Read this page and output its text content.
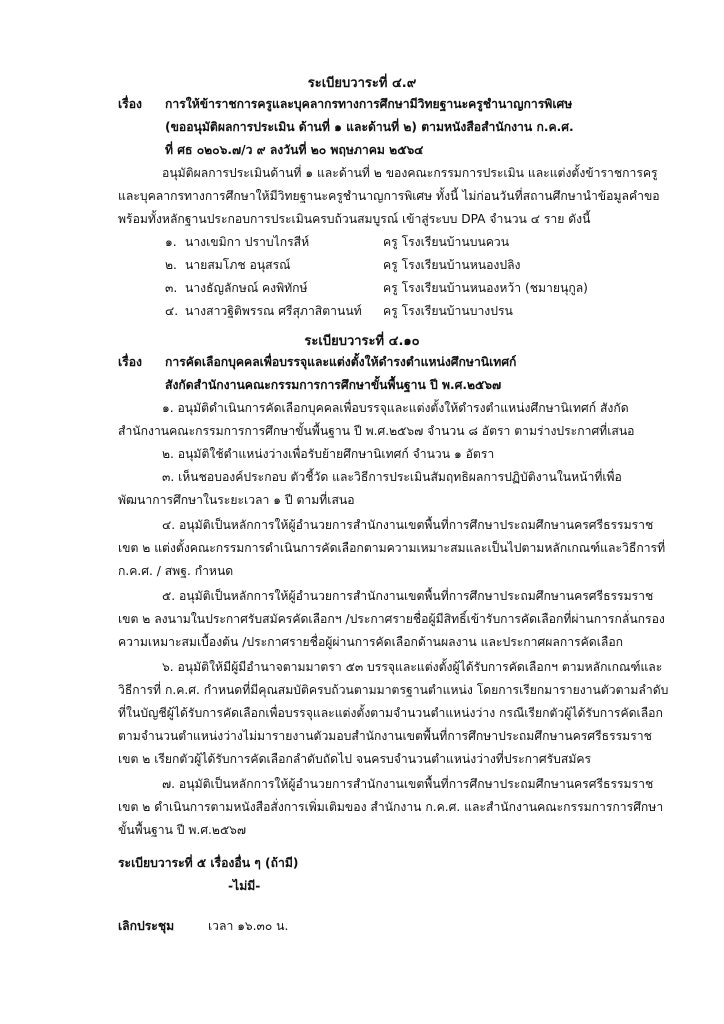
ระเบียบวาระที่ ๔.๙
เรื่อง การให้ข้าราชการครูและบุคลากรทางการศึกษามีวิทยฐานะครูชำนาญการพิเศษ
(ขออนุมัติผลการประเมิน ด้านที่ ๑ และด้านที่ ๒) ตามหนังสือสำนักงาน ก.ค.ศ.
ที่ ศธ ๐๒๐๖.๗/ว ๙ ลงวันที่ ๒๐ พฤษภาคม ๒๕๖๔
อนุมัติผลการประเมินด้านที่ ๑ และด้านที่ ๒ ของคณะกรรมการประเมิน และแต่งตั้งข้าราชการครู
และบุคลากรทางการศึกษาให้มีวิทยฐานะครูชำนาญการพิเศษ ทั้งนี้ ไม่ก่อนวันที่สถานศึกษานำข้อมูลคำขอ
พร้อมทั้งหลักฐานประกอบการประเมินครบถ้วนสมบูรณ์ เข้าสู่ระบบ DPA จำนวน ๔ ราย ดังนี้
๑. นางเขมิกา ปราบไกรสีห์	ครู โรงเรียนบ้านบนควน
๒. นายสมโภช อนุสรณ์	ครู โรงเรียนบ้านหนองปลิง
๓. นางธัญลักษณ์ คงพิทักษ์	ครู โรงเรียนบ้านหนองหว้า (ชมายนุกูล)
๔. นางสาวฐิติพรรณ ศรีสุภาสิตานนท์ ครู โรงเรียนบ้านบางปรน
ระเบียบวาระที่ ๔.๑๐
เรื่อง การคัดเลือกบุคคลเพื่อบรรจุและแต่งตั้งให้ดำรงตำแหน่งศึกษานิเทศก์
สังกัดสำนักงานคณะกรรมการการศึกษาขั้นพื้นฐาน ปี พ.ศ.๒๕๖๗
๑. อนุมัติดำเนินการคัดเลือกบุคคลเพื่อบรรจุและแต่งตั้งให้ดำรงตำแหน่งศึกษานิเทศก์ สังกัด
สำนักงานคณะกรรมการการศึกษาขั้นพื้นฐาน ปี พ.ศ.๒๕๖๗ จำนวน ๘ อัตรา ตามร่างประกาศที่เสนอ
๒. อนุมัติใช้ตำแหน่งว่างเพื่อรับย้ายศึกษานิเทศก์ จำนวน ๑ อัตรา
๓. เห็นชอบองค์ประกอบ ตัวชี้วัด และวิธีการประเมินสัมฤทธิผลการปฏิบัติงานในหน้าที่เพื่อ
พัฒนาการศึกษาในระยะเวลา ๑ ปี ตามที่เสนอ
๔. อนุมัติเป็นหลักการให้ผู้อำนวยการสำนักงานเขตพื้นที่การศึกษาประถมศึกษานครศรีธรรมราช
เขต ๒ แต่งตั้งคณะกรรมการดำเนินการคัดเลือกตามความเหมาะสมและเป็นไปตามหลักเกณฑ์และวิธีการที่
ก.ค.ศ. / สพฐ. กำหนด
๕. อนุมัติเป็นหลักการให้ผู้อำนวยการสำนักงานเขตพื้นที่การศึกษาประถมศึกษานครศรีธรรมราช
เขต ๒ ลงนามในประกาศรับสมัครคัดเลือกฯ /ประกาศรายชื่อผู้มีสิทธิ์เข้ารับการคัดเลือกที่ผ่านการกลั่นกรอง
ความเหมาะสมเบื้องต้น /ประกาศรายชื่อผู้ผ่านการคัดเลือกด้านผลงาน และประกาศผลการคัดเลือก
๖. อนุมัติให้มีผู้มีอำนาจตามมาตรา ๕๓ บรรจุและแต่งตั้งผู้ได้รับการคัดเลือกฯ ตามหลักเกณฑ์และ
วิธีการที่ ก.ค.ศ. กำหนดที่มีคุณสมบัติครบถ้วนตามมาตรฐานตำแหน่ง โดยการเรียกมารายงานตัวตามลำดับ
ที่ในบัญชีผู้ได้รับการคัดเลือกเพื่อบรรจุและแต่งตั้งตามจำนวนตำแหน่งว่าง กรณีเรียกตัวผู้ได้รับการคัดเลือก
ตามจำนวนตำแหน่งว่างไม่มารายงานตัวมอบสำนักงานเขตพื้นที่การศึกษาประถมศึกษานครศรีธรรมราช
เขต ๒ เรียกตัวผู้ได้รับการคัดเลือกลำดับถัดไป จนครบจำนวนตำแหน่งว่างที่ประกาศรับสมัคร
๗. อนุมัติเป็นหลักการให้ผู้อำนวยการสำนักงานเขตพื้นที่การศึกษาประถมศึกษานครศรีธรรมราช
เขต ๒ ดำเนินการตามหนังสือสั่งการเพิ่มเติมของ สำนักงาน ก.ค.ศ. และสำนักงานคณะกรรมการการศึกษา
ขั้นพื้นฐาน ปี พ.ศ.๒๕๖๗
ระเบียบวาระที่ ๕ เรื่องอื่น ๆ (ถ้ามี)
-ไม่มี-
เลิกประชุม	เวลา ๑๖.๓๐ น.
